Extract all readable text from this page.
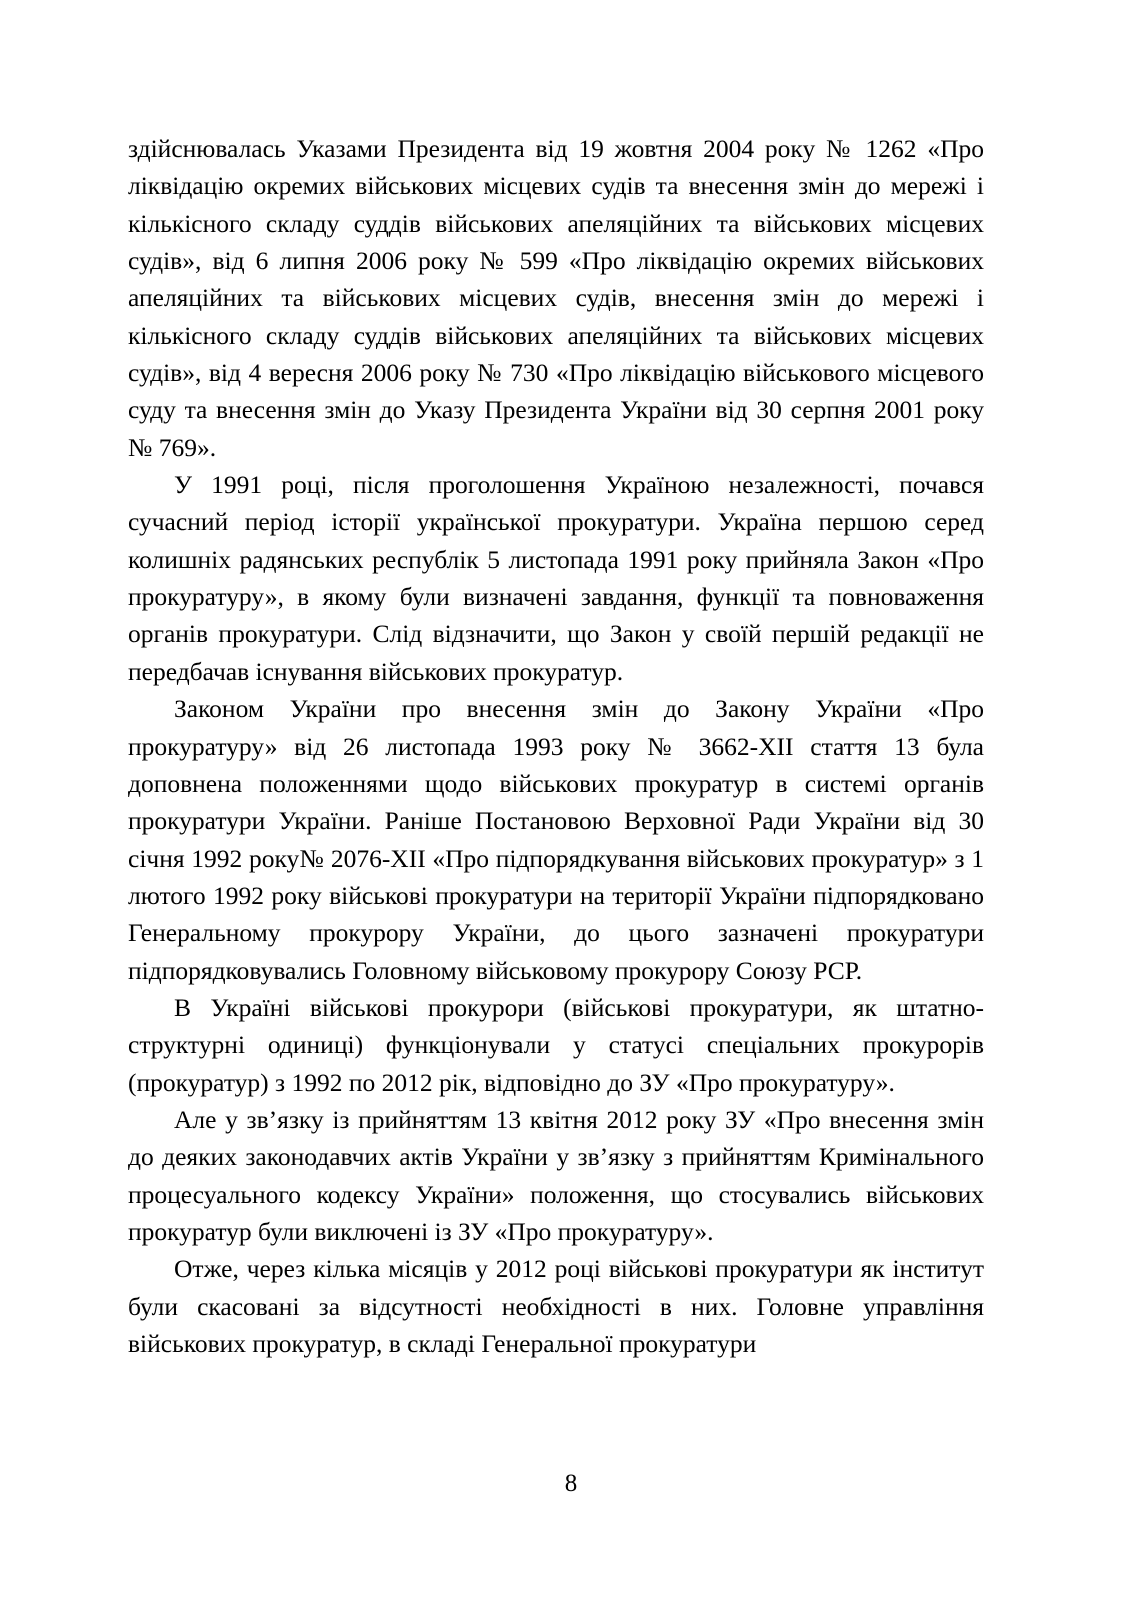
здійснювалась Указами Президента від 19 жовтня 2004 року № 1262 «Про ліквідацію окремих військових місцевих судів та внесення змін до мережі і кількісного складу суддів військових апеляційних та військових місцевих судів», від 6 липня 2006 року № 599 «Про ліквідацію окремих військових апеляційних та військових місцевих судів, внесення змін до мережі і кількісного складу суддів військових апеляційних та військових місцевих судів», від 4 вересня 2006 року № 730 «Про ліквідацію військового місцевого суду та внесення змін до Указу Президента України від 30 серпня 2001 року № 769».

У 1991 році, після проголошення Україною незалежності, почався сучасний період історії української прокуратури. Україна першою серед колишніх радянських республік 5 листопада 1991 року прийняла Закон «Про прокуратуру», в якому були визначені завдання, функції та повноваження органів прокуратури. Слід відзначити, що Закон у своїй першій редакції не передбачав існування військових прокуратур.

Законом України про внесення змін до Закону України «Про прокуратуру» від 26 листопада 1993 року № 3662-XII стаття 13 була доповнена положеннями щодо військових прокуратур в системі органів прокуратури України. Раніше Постановою Верховної Ради України від 30 січня 1992 року№ 2076-XII «Про підпорядкування військових прокуратур» з 1 лютого 1992 року військові прокуратури на території України підпорядковано Генеральному прокурору України, до цього зазначені прокуратури підпорядковувались Головному військовому прокурору Союзу РСР.

В Україні військові прокурори (військові прокуратури, як штатно-структурні одиниці) функціонували у статусі спеціальних прокурорів (прокуратур) з 1992 по 2012 рік, відповідно до ЗУ «Про прокуратуру».

Але у зв’язку із прийняттям 13 квітня 2012 року ЗУ «Про внесення змін до деяких законодавчих актів України у зв’язку з прийняттям Кримінального процесуального кодексу України» положення, що стосувались військових прокуратур були виключені із ЗУ «Про прокуратуру».

Отже, через кілька місяців у 2012 році військові прокуратури як інститут були скасовані за відсутності необхідності в них. Головне управління військових прокуратур, в складі Генеральної прокуратури

8
